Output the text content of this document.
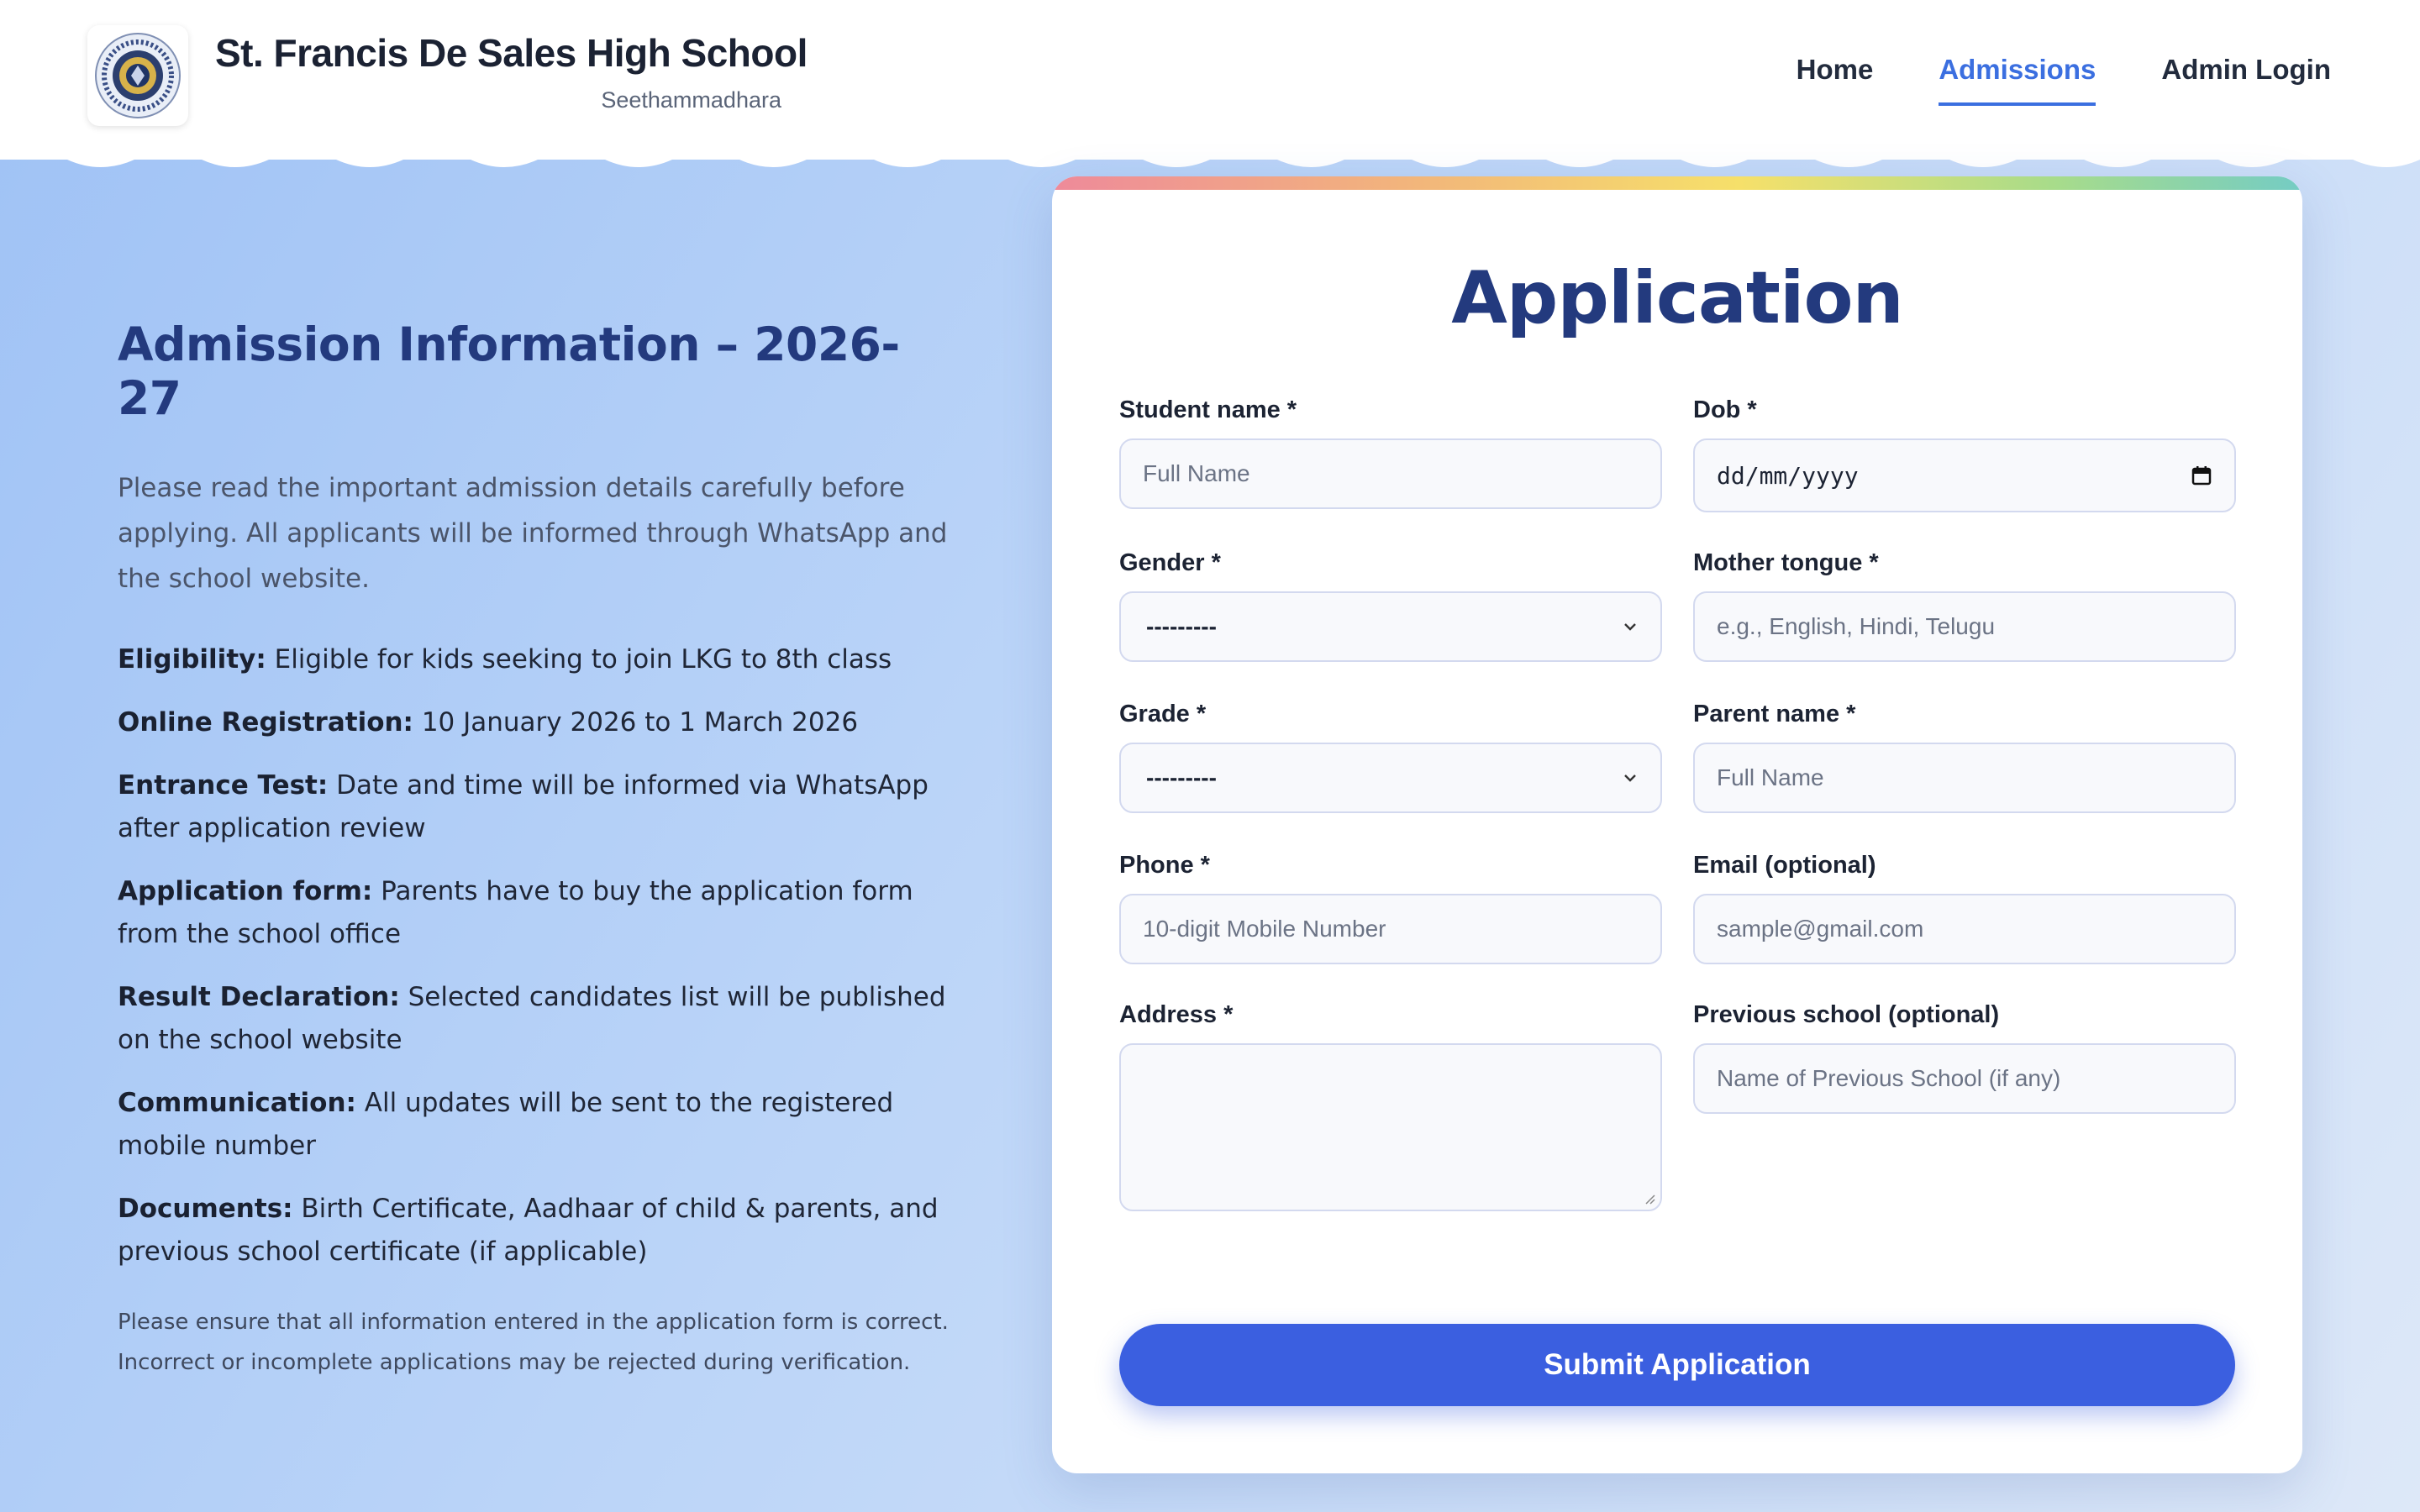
St. Francis De Sales High School
Seethammadhara
Home Admissions Admin Login
Admission Information – 2026-27

Please read the important admission details carefully before applying. All applicants will be informed through WhatsApp and the school website.

Eligibility: Eligible for kids seeking to join LKG to 8th class
Online Registration: 10 January 2026 to 1 March 2026
Entrance Test: Date and time will be informed via WhatsApp after application review
Application form: Parents have to buy the application form from the school office
Result Declaration: Selected candidates list will be published on the school website
Communication: All updates will be sent to the registered mobile number
Documents: Birth Certificate, Aadhaar of child & parents, and previous school certificate (if applicable)

Please ensure that all information entered in the application form is correct. Incorrect or incomplete applications may be rejected during verification.

Application
Student name *
Full Name
Dob *
dd/mm/yyyy
Gender *
---------
Mother tongue *
e.g., English, Hindi, Telugu
Grade *
---------
Parent name *
Full Name
Phone *
10-digit Mobile Number
Email (optional)
sample@gmail.com
Address *	Previous school (optional)
Name of Previous School (if any)
Submit Application
